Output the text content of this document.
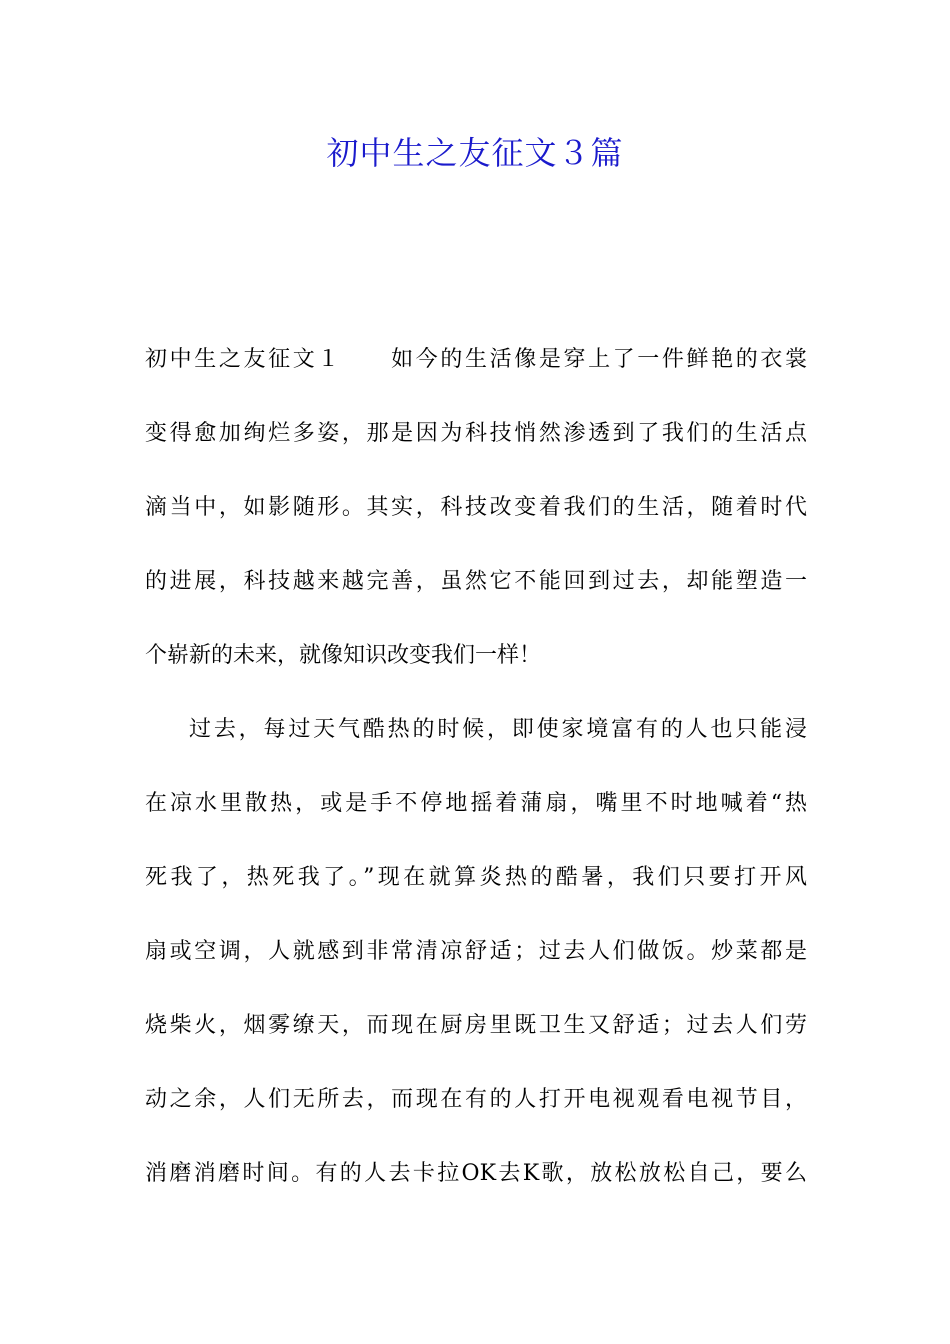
初中生之友征文３篇
初中生之友征文１　　如今的生活像是穿上了一件鲜艳的衣裳
变得愈加绚烂多姿，那是因为科技悄然渗透到了我们的生活点
滴当中，如影随形。其实，科技改变着我们的生活，随着时代
的进展，科技越来越完善，虽然它不能回到过去，却能塑造一
个崭新的未来，就像知识改变我们一样！
过去，每过天气酷热的时候，即使家境富有的人也只能浸
在凉水里散热，或是手不停地摇着蒲扇，嘴里不时地喊着“热
死我了，热死我了。”现在就算炎热的酷暑，我们只要打开风
扇或空调，人就感到非常清凉舒适；过去人们做饭。炒菜都是
烧柴火，烟雾缭天，而现在厨房里既卫生又舒适；过去人们劳
动之余，人们无所去，而现在有的人打开电视观看电视节目，
消磨消磨时间。有的人去卡拉OK去K歌，放松放松自己，要么
